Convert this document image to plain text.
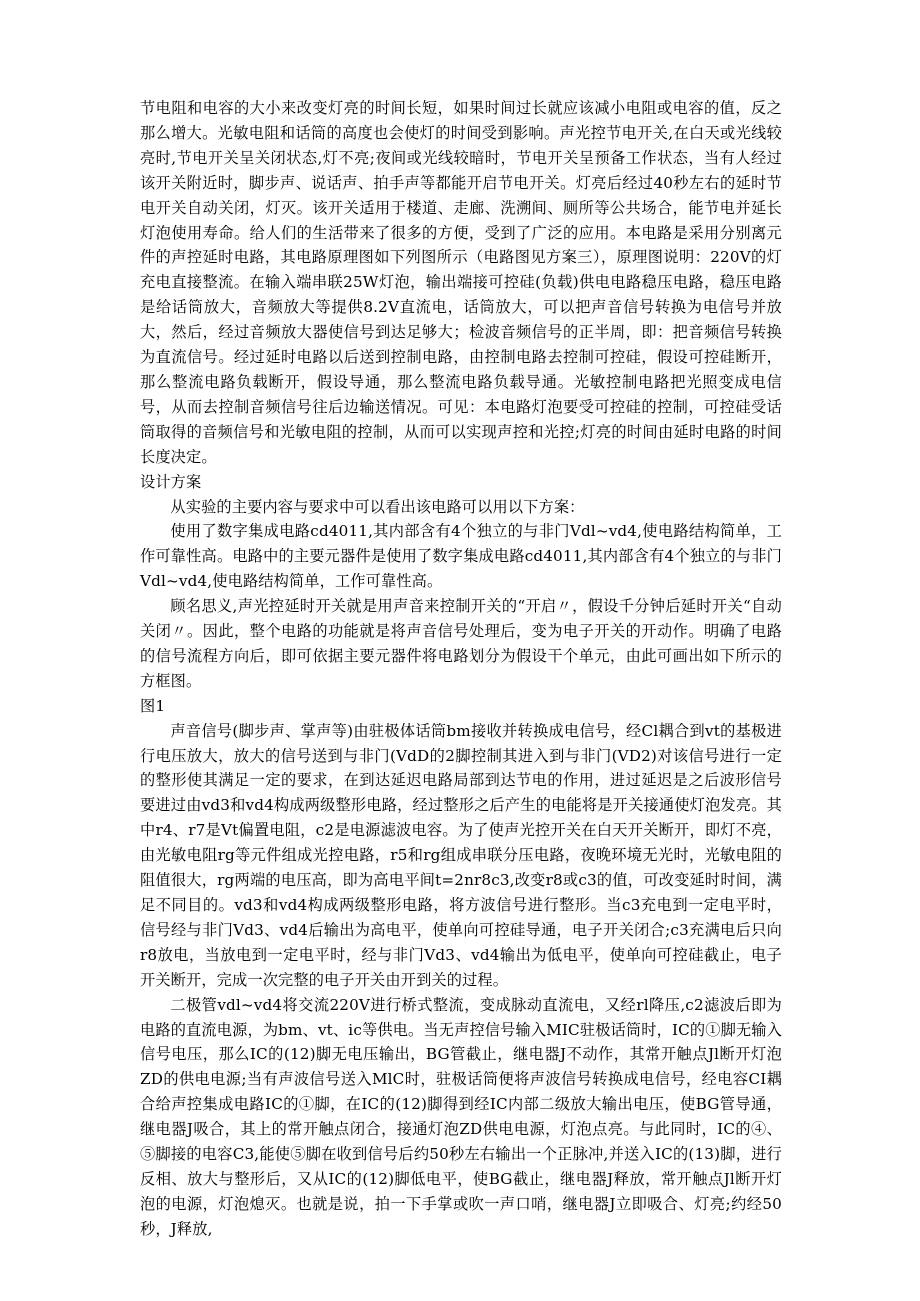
节电阻和电容的大小来改变灯亮的时间长短，如果时间过长就应该减小电阻或电容的值，反之那么增大。光敏电阻和话筒的高度也会使灯的时间受到影响。声光控节电开关,在白天或光线较亮时,节电开关呈关闭状态,灯不亮;夜间或光线较暗时，节电开关呈预备工作状态，当有人经过该开关附近时，脚步声、说话声、拍手声等都能开启节电开关。灯亮后经过40秒左右的延时节电开关自动关闭，灯灭。该开关适用于楼道、走廊、洗溯间、厕所等公共场合，能节电并延长灯泡使用寿命。给人们的生活带来了很多的方便，受到了广泛的应用。本电路是采用分别离元件的声控延时电路，其电路原理图如下列图所示（电路图见方案三），原理图说明：220V的灯充电直接整流。在输入端串联25W灯泡，输出端接可控硅(负载)供电电路稳压电路，稳压电路是给话筒放大，音频放大等提供8.2V直流电，话筒放大，可以把声音信号转换为电信号并放大，然后，经过音频放大器使信号到达足够大；检波音频信号的正半周，即：把音频信号转换为直流信号。经过延时电路以后送到控制电路，由控制电路去控制可控硅，假设可控硅断开，那么整流电路负载断开，假设导通，那么整流电路负载导通。光敏控制电路把光照变成电信号，从而去控制音频信号往后边输送情况。可见：本电路灯泡要受可控硅的控制，可控硅受话筒取得的音频信号和光敏电阻的控制，从而可以实现声控和光控;灯亮的时间由延时电路的时间长度决定。

设计方案

从实验的主要内容与要求中可以看出该电路可以用以下方案：

使用了数字集成电路cd4011,其内部含有4个独立的与非门Vdl~vd4,使电路结构简单，工作可靠性高。电路中的主要元器件是使用了数字集成电路cd4011,其内部含有4个独立的与非门Vdl~vd4,使电路结构简单，工作可靠性高。

顾名思义,声光控延时开关就是用声音来控制开关的“开启〃，假设千分钟后延时开关“自动关闭〃。因此，整个电路的功能就是将声音信号处理后，变为电子开关的开动作。明确了电路的信号流程方向后，即可依据主要元器件将电路划分为假设干个单元，由此可画出如下所示的方框图。

图1

声音信号(脚步声、掌声等)由驻极体话筒bm接收并转换成电信号，经Cl耦合到vt的基极进行电压放大，放大的信号送到与非门(VdD的2脚控制其进入到与非门(VD2)对该信号进行一定的整形使其满足一定的要求，在到达延迟电路局部到达节电的作用，进过延迟是之后波形信号要进过由vd3和vd4构成两级整形电路，经过整形之后产生的电能将是开关接通使灯泡发亮。其中r4、r7是Vt偏置电阻，c2是电源滤波电容。为了使声光控开关在白天开关断开，即灯不亮，由光敏电阻rg等元件组成光控电路，r5和rg组成串联分压电路，夜晚环境无光时，光敏电阻的阻值很大，rg两端的电压高，即为高电平间t=2nr8c3,改变r8或c3的值，可改变延时时间，满足不同目的。vd3和vd4构成两级整形电路，将方波信号进行整形。当c3充电到一定电平时，信号经与非门Vd3、vd4后输出为高电平，使单向可控硅导通，电子开关闭合;c3充满电后只向r8放电，当放电到一定电平时，经与非门Vd3、vd4输出为低电平，使单向可控硅截止，电子开关断开，完成一次完整的电子开关由开到关的过程。

二极管vdl~vd4将交流220V进行桥式整流，变成脉动直流电，又经rl降压,c2滤波后即为电路的直流电源，为bm、vt、ic等供电。当无声控信号输入MIC驻极话筒时，IC的①脚无输入信号电压，那么IC的(12)脚无电压输出，BG管截止，继电器J不动作，其常开触点Jl断开灯泡ZD的供电电源;当有声波信号送入MlC时，驻极话筒便将声波信号转换成电信号，经电容CI耦合给声控集成电路IC的①脚，在IC的(12)脚得到经IC内部二级放大输出电压，使BG管导通，继电器J吸合，其上的常开触点闭合，接通灯泡ZD供电电源，灯泡点亮。与此同时，IC的④、⑤脚接的电容C3,能使⑤脚在收到信号后约50秒左右输出一个正脉冲,并送入IC的(13)脚，进行反相、放大与整形后，又从IC的(12)脚低电平，使BG截止，继电器J释放，常开触点Jl断开灯泡的电源，灯泡熄灭。也就是说，拍一下手掌或吹一声口哨，继电器J立即吸合、灯亮;约经50秒，J释放,
